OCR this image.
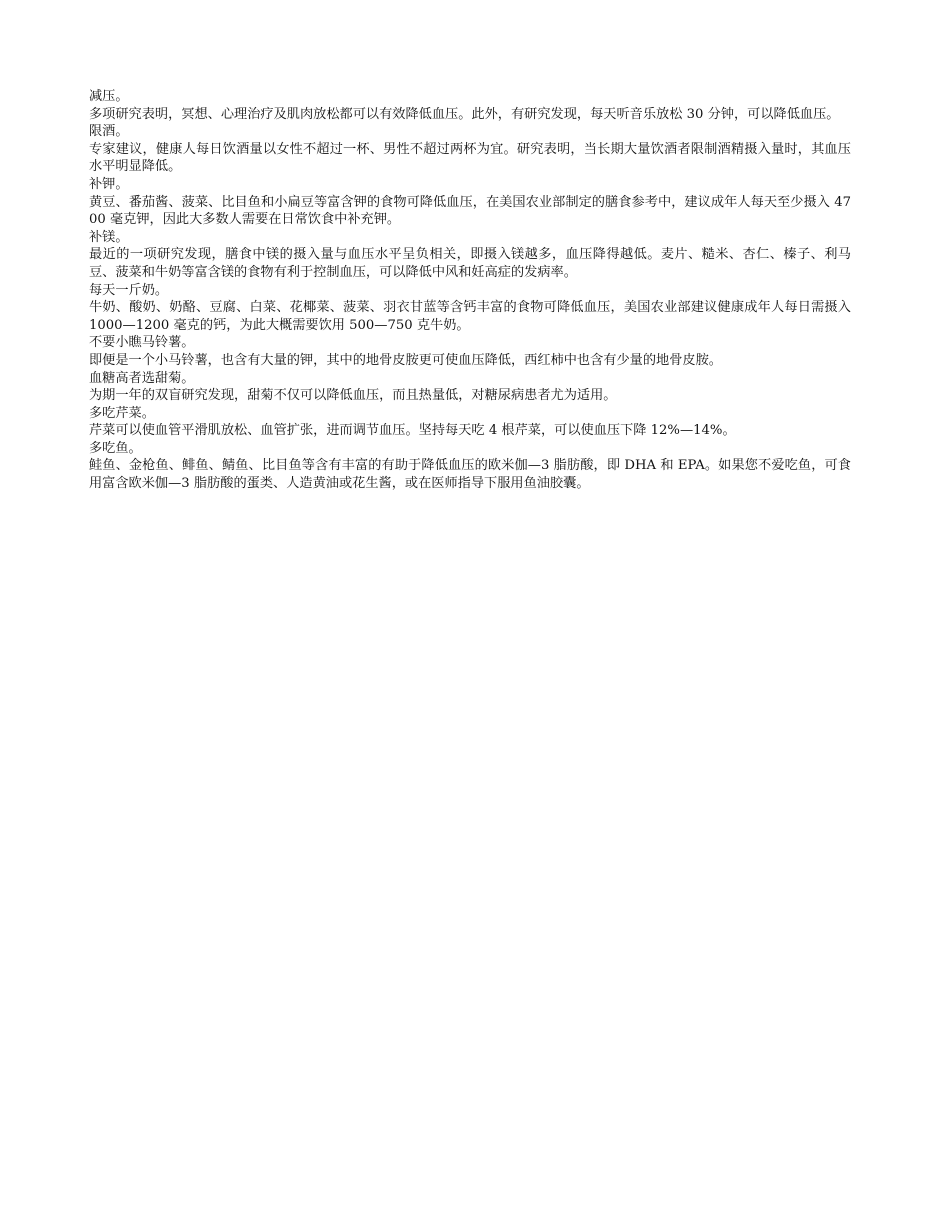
减压。

多项研究表明，冥想、心理治疗及肌肉放松都可以有效降低血压。此外，有研究发现，每天听音乐放松 30 分钟，可以降低血压。

限酒。

专家建议，健康人每日饮酒量以女性不超过一杯、男性不超过两杯为宜。研究表明，当长期大量饮酒者限制酒精摄入量时，其血压水平明显降低。

补钾。

黄豆、番茄酱、菠菜、比目鱼和小扁豆等富含钾的食物可降低血压，在美国农业部制定的膳食参考中，建议成年人每天至少摄入 4700 毫克钾，因此大多数人需要在日常饮食中补充钾。

补镁。

最近的一项研究发现，膳食中镁的摄入量与血压水平呈负相关，即摄入镁越多，血压降得越低。麦片、糙米、杏仁、榛子、利马豆、菠菜和牛奶等富含镁的食物有利于控制血压，可以降低中风和妊高症的发病率。

每天一斤奶。

牛奶、酸奶、奶酪、豆腐、白菜、花椰菜、菠菜、羽衣甘蓝等含钙丰富的食物可降低血压，美国农业部建议健康成年人每日需摄入 1000—1200 毫克的钙，为此大概需要饮用 500—750 克牛奶。

不要小瞧马铃薯。

即便是一个小马铃薯，也含有大量的钾，其中的地骨皮胺更可使血压降低，西红柿中也含有少量的地骨皮胺。

血糖高者选甜菊。

为期一年的双盲研究发现，甜菊不仅可以降低血压，而且热量低，对糖尿病患者尤为适用。

多吃芹菜。

芹菜可以使血管平滑肌放松、血管扩张，进而调节血压。坚持每天吃 4 根芹菜，可以使血压下降 12%—14%。

多吃鱼。

鲑鱼、金枪鱼、鲱鱼、鲭鱼、比目鱼等含有丰富的有助于降低血压的欧米伽—3 脂肪酸，即 DHA 和 EPA。如果您不爱吃鱼，可食用富含欧米伽—3 脂肪酸的蛋类、人造黄油或花生酱，或在医师指导下服用鱼油胶囊。
